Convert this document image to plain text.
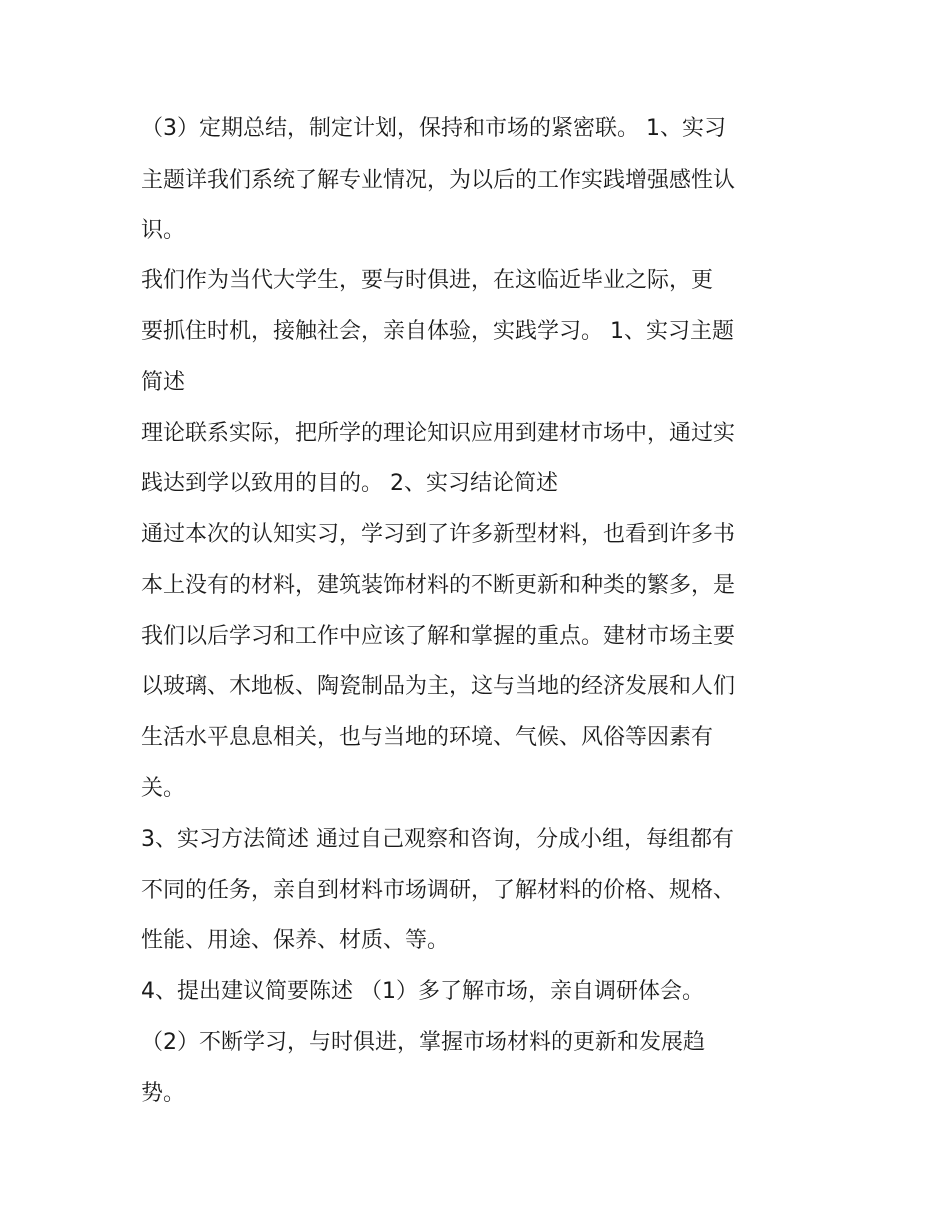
（3）定期总结，制定计划，保持和市场的紧密联。 1、实习

主题详我们系统了解专业情况，为以后的工作实践增强感性认

识。

我们作为当代大学生，要与时俱进，在这临近毕业之际，更

要抓住时机，接触社会，亲自体验，实践学习。 1、实习主题

简述

理论联系实际，把所学的理论知识应用到建材市场中，通过实

践达到学以致用的目的。 2、实习结论简述

通过本次的认知实习，学习到了许多新型材料，也看到许多书

本上没有的材料，建筑装饰材料的不断更新和种类的繁多，是

我们以后学习和工作中应该了解和掌握的重点。建材市场主要

以玻璃、木地板、陶瓷制品为主，这与当地的经济发展和人们

生活水平息息相关，也与当地的环境、气候、风俗等因素有

关。

3、实习方法简述 通过自己观察和咨询，分成小组，每组都有

不同的任务，亲自到材料市场调研，了解材料的价格、规格、

性能、用途、保养、材质、等。

4、提出建议简要陈述 （1）多了解市场，亲自调研体会。

（2）不断学习，与时俱进，掌握市场材料的更新和发展趋

势。
